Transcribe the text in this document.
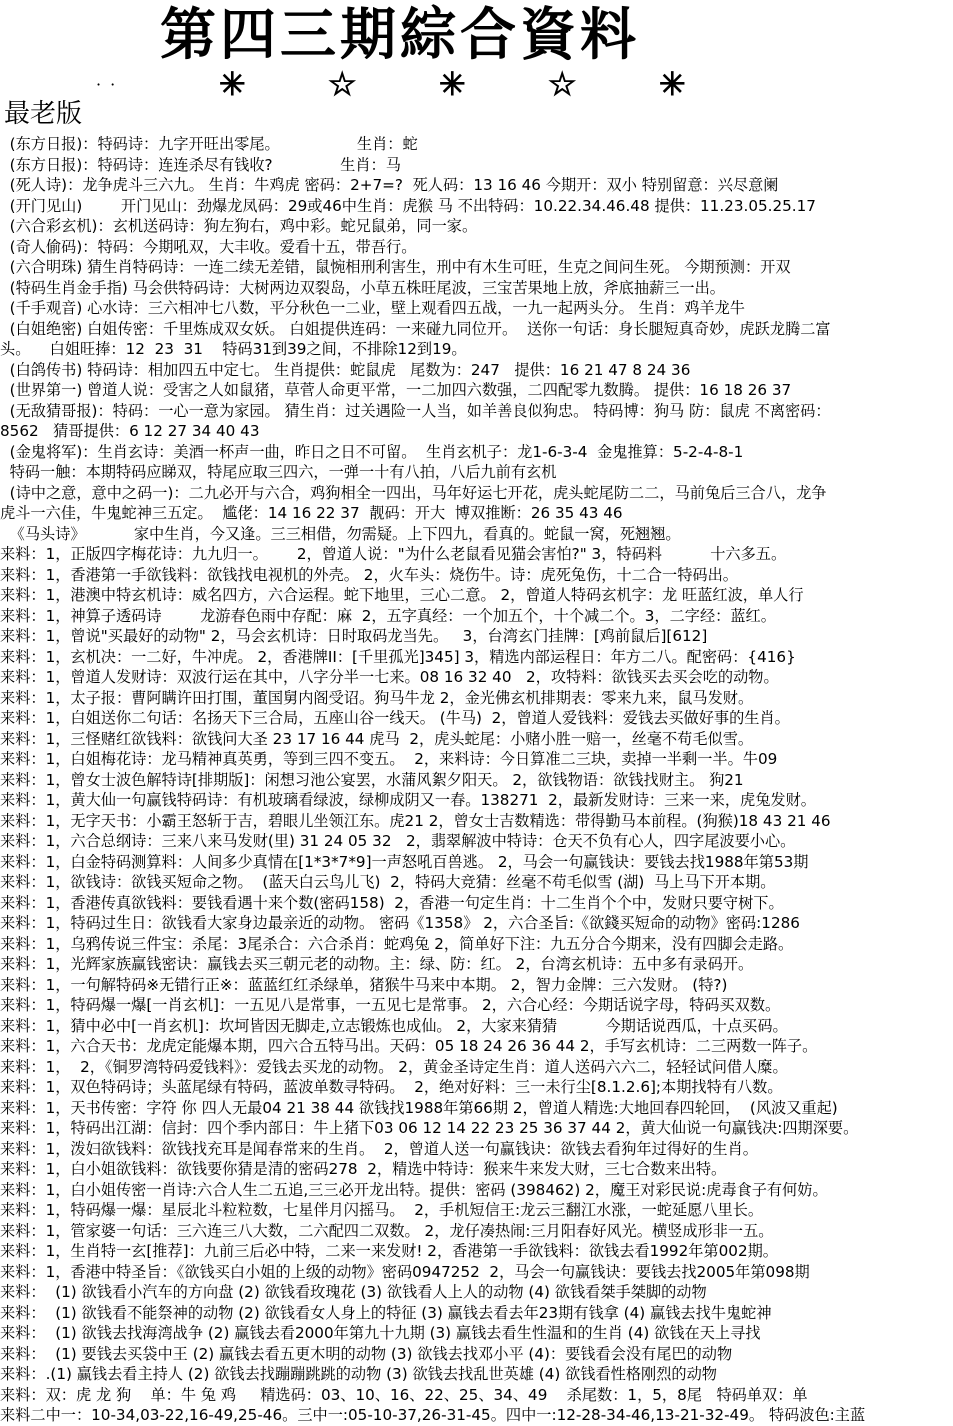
第四三期綜合資料
· ·	✳	☆	✳	☆	✳
最老版
(东方日报)：特码诗：九字开旺出零尾。                生肖：蛇
(东方日报)：特码诗：连连杀尽有钱收?              生肖：马
(死人诗)：龙争虎斗三六九。 生肖：牛鸡虎 密码：2+7=?  死人码：13 16 46 今期开：双小 特别留意：兴尽意阑
(开门见山)        开门见山：劲爆龙凤码：29或46中生肖：虎猴 马 不出特码：10.22.34.46.48 提供：11.23.05.25.17
(六合彩玄机)：玄机送码诗：狗左狗右，鸡中彩。蛇兄鼠弟，同一家。
(奇人偷码)：特码：今期吼双，大丰收。爱看十五，带吾行。
(六合明珠) 猜生肖特码诗：一连二续无差错，鼠惋相刑利害生，刑中有木生可旺，生克之间问生死。 今期预测：开双
(特码生肖金手指) 马会供特码诗：大树两边双裂岛，小草五株旺尾波，三宝苦果地上放，斧底抽薪三一出。
(千手观音) 心水诗：三六相冲七八数，平分秋色一二业，壁上观看四五战，一九一起两头分。 生肖：鸡羊龙牛
(白姐绝密) 白姐传密：千里炼成双女妖。 白姐提供连码：一来碰九同位开。  送你一句话：身长腿短真奇妙，虎跃龙腾二富
头。    白姐旺捧：12  23  31    特码31到39之间，不排除12到19。
(白鸽传书) 特码诗：相加四五中定七。 生肖提供：蛇鼠虎   尾数为：247   提供：16 21 47 8 24 36
(世界第一) 曾道人说：受害之人如鼠猪，草菅人命更平常，一二加四六数强，二四配零九数腾。 提供：16 18 26 37
(无敌猜哥报)：特码：一心一意为家园。 猜生肖：过关遇险一人当，如羊善良似狗忠。 特码博：狗马 防：鼠虎 不离密码：
8562   猜哥提供：6 12 27 34 40 43
(金鬼将军)：生肖玄诗：美酒一杯声一曲，昨日之日不可留。  生肖玄机子：龙1-6-3-4  金鬼推算：5-2-4-8-1
特码一触：本期特码应睇双，特尾应取三四六，一弹一十有八拍，八后九前有玄机
(诗中之意，意中之码一)：二九必开与六合，鸡狗相全一四出，马年好运七开花，虎头蛇尾防二二，马前兔后三合八，龙争
虎斗一六佳，牛鬼蛇神三五定。  尴佬：14 16 22 37  靓码：开大  博双推断：26 35 43 46
《马头诗》          家中生肖，今又逢。三三相借，勿需疑。上下四九，看真的。蛇鼠一窝，死翘翘。
来料：1，正版四字梅花诗：九九归一。      2，曾道人说："为什么老鼠看见猫会害怕?" 3，特码料          十六多五。
来料：1，香港第一手欲钱料：欲钱找电视机的外壳。 2，火车头：烧伤牛。诗：虎死兔伤，十二合一特码出。
来料：1，港澳中特玄机诗：威名四方，六合运程。蛇下地里，三心二意。 2，曾道人特码玄机字：龙 旺蓝红波，单人行
来料：1，神算子透码诗        龙游春色雨中存配：麻  2，五字真经：一个加五个，十个减二个。3，二字经：蓝红。
来料：1，曾说"买最好的动物" 2，马会玄机诗：日时取码龙当先。   3，台湾玄门挂牌：[鸡前鼠后][612]
来料：1，玄机决：一二好，牛冲虎。 2，香港牌II：[千里孤光]345] 3，精选内部运程日：年方二八。配密码：{416}
来料：1，曾道人发财诗：双波行运在其中，八字分半一七来。08 16 32 40   2，攻特料：欲钱买去买会吃的动物。
来料：1，太子报：曹阿瞒许田打围，董国舅内阁受诏。狗马牛龙 2，金光佛玄机排期表：零来九来，鼠马发财。
来料：1，白姐送你二句话：名扬天下三合局，五座山谷一线天。 (牛马)  2，曾道人爱钱料：爱钱去买做好事的生肖。
来料：1，三怪赌红欲钱料：欲钱问大圣 23 17 16 44 虎马  2，虎头蛇尾：小赌小胜一赔一，丝毫不苟毛似雪。
来料：1，白姐梅花诗：龙马精神真英勇，等到三四不变五。  2，来料诗：今日算准二三块，卖掉一半剩一半。牛09
来料：1，曾女士波色解特诗[排期版]：闲想习池公宴罢，水蒲风絮夕阳天。 2，欲钱物语：欲钱找财主。 狗21
来料：1，黄大仙一句赢钱特码诗：有机玻璃看绿波，绿柳成阴又一春。138271  2，最新发财诗：三来一来，虎兔发财。
来料：1，无字天书：小霸王怒斩于吉，碧眼儿坐领江东。虎21 2，曾女士吉数精选：带得勤马本前程。(狗猴)18 43 21 46
来料：1，六合总纲诗：三来八来马发财(里) 31 24 05 32   2，翡翠解波中特诗：仓天不负有心人，四字尾波要小心。
来料：1，白金特码测算料：人间多少真情在[1*3*7*9]一声怒吼百兽逃。 2，马会一句赢钱诀：要钱去找1988年第53期
来料：1，欲钱诗：欲钱买短命之物。  (蓝天白云鸟儿飞)  2，特码大竞猜：丝毫不苟毛似雪 (湖)  马上马下开本期。
来料：1，香港传真欲钱料：要钱看遇十来个数(密码158)  2，香港一句定生肖：十二生肖个个中，发财只要守树下。
来料：1，特码过生日：欲钱看大家身边最亲近的动物。 密码《1358》 2，六合圣旨:《欲錢买短命的动物》密码:1286
来料：1，乌鸦传说三件宝：杀尾：3尾杀合：六合杀肖：蛇鸡兔 2，简单好下注：九五分合今期来，没有四脚会走路。
来料：1，光辉家族赢钱密诀：赢钱去买三朝元老的动物。主：绿、防：红。 2，台湾玄机诗：五中多有录码开。
来料：1，一句解特码※无错行正※：蓝蓝红红杀绿单，猪猴牛马来中本期。 2，智力金牌：三六发财。 (特?)
来料：1，特码爆一爆[一肖玄机]：一五见八是常事，一五见七是常事。 2，六合心经：今期话说字母，特码买双数。
来料：1，猜中必中[一肖玄机]：坎坷皆因无脚走,立志锻炼也成仙。 2，大家来猜猜          今期话说西瓜，十点买码。
来料：1，六合天书：龙虎定能爆本期，四六合五特马出。天码：05 18 24 26 36 44 2，手写玄机诗：二三两数一阵子。
来料：1，  2，《铜罗湾特码爱钱料》：爱钱去买龙的动物。 2，黄金圣诗定生肖：道人送码六六二，轻轻试问借人糜。
来料：1，双色特码诗；头蓝尾绿有特码，蓝波单数寻特码。  2，绝对好料：三一未行尘[8.1.2.6];本期找特有八数。
来料：1，天书传密：字符 你 四人无最04 21 38 44 欲钱找1988年第66期 2，曾道人精选:大地回春四轮回，  (风波又重起)
来料：1，特码出江湖：信封：四个季内部日：牛上猪下03 06 12 14 22 23 25 36 37 44 2，黄大仙说一句赢钱决:四期深要。
来料：1，泼妇欲钱料：欲钱找充耳是闻春常来的生肖。  2，曾道人送一句赢钱诀：欲钱去看狗年过得好的生肖。
来料：1，白小姐欲钱料：欲钱要你猜是清的密码278  2，精选中特诗：猴来牛来发大财，三七合数来出特。
来料：1，白小姐传密一肖诗:六合人生二五追,三三必开龙出特。提供：密码 (398462) 2，魔王对彩民说:虎毒食子有何妨。
来料：1，特码爆一爆：星辰北斗粒粒数，七星伴月闪摇马。  2，手机短信王:龙云三翻江水涨，一蛇延愿八里长。
来料：1，管家婆一句话：三六连三八大数，二六配四二双数。 2，龙仔凑热闹:三月阳春好风光。横竖成形非一五。
来料：1，生肖特一玄[推荐]：九前三后必中特，二来一来发财! 2，香港第一手欲钱料：欲钱去看1992年第002期。
来料：1，香港中特圣旨：《欲钱买白小姐的上级的动物》密码0947252  2，马会一句赢钱诀：要钱去找2005年第098期
来料：  (1) 欲钱看小汽车的方向盘 (2) 欲钱看玫瑰花 (3) 欲钱看人上人的动物 (4) 欲钱看桀手桀脚的动物
来料：  (1) 欲钱看不能祭神的动物 (2) 欲钱看女人身上的特征 (3) 赢钱去看去年23期有钱拿 (4) 赢钱去找牛鬼蛇神
来料：  (1) 欲钱去找海湾战争 (2) 赢钱去看2000年第九十九期 (3) 赢钱去看生性温和的生肖 (4) 欲钱在天上寻找
来料：  (1) 要钱去买袋中王 (2) 赢钱去看五更木明的动物 (3) 欲钱去找邓小平 (4)：要钱看会没有尾巴的动物
来料：.(1) 赢钱去看主持人 (2) 欲钱去找蹦蹦跳跳的动物 (3) 欲钱去找乱世英雄 (4) 欲钱看性格刚烈的动物
来料：双：虎 龙 狗    单：牛 兔 鸡     精选码：03、10、16、22、25、34、49    杀尾数：1，5，8尾   特码单双：单
来料二中一：10-34,03-22,16-49,25-46。三中一:05-10-37,26-31-45。四中一:12-28-34-46,13-21-32-49。 特码波色:主蓝
